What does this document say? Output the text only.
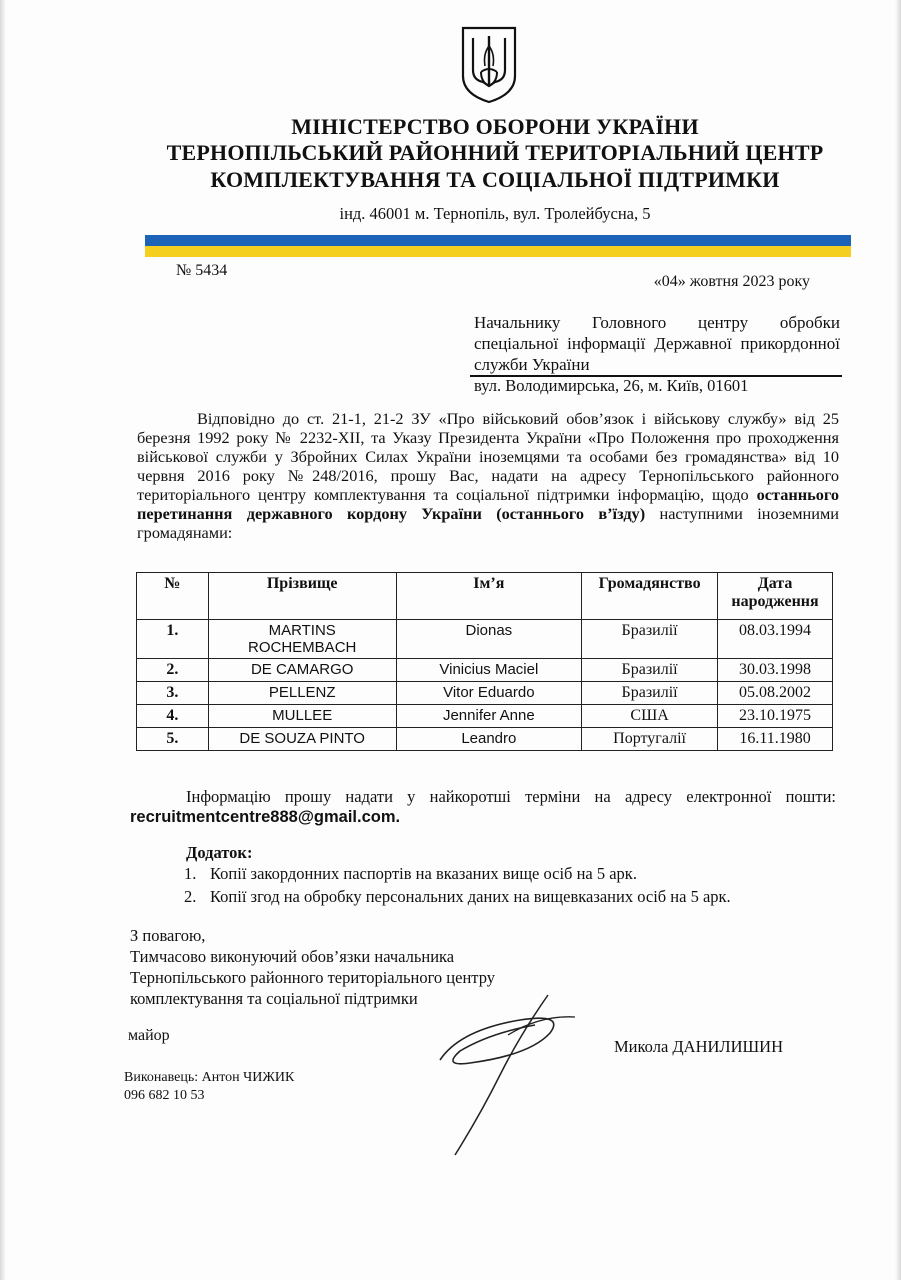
МІНІСТЕРСТВО ОБОРОНИ УКРАЇНИ
ТЕРНОПІЛЬСЬКИЙ РАЙОННИЙ ТЕРИТОРІАЛЬНИЙ ЦЕНТР
КОМПЛЕКТУВАННЯ ТА СОЦІАЛЬНОЇ ПІДТРИМКИ
інд. 46001 м. Тернопіль, вул. Тролейбусна, 5
№ 5434
«04» жовтня 2023 року
Начальнику Головного центру обробки спеціальної інформації Державної прикордонної служби України
вул. Володимирська, 26, м. Київ, 01601

Відповідно до ст. 21-1, 21-2 ЗУ «Про військовий обов’язок і військову службу» від 25 березня 1992 року № 2232-XII, та Указу Президента України «Про Положення про проходження військової служби у Збройних Силах України іноземцями та особами без громадянства» від 10 червня 2016 року №248/2016, прошу Вас, надати на адресу Тернопільського районного територіального центру комплектування та соціальної підтримки інформацію, щодо останнього перетинання державного кордону України (останнього в’їзду) наступними іноземними громадянами:

№	Прізвище	Ім’я	Громадянство	Дата народження
1.	MARTINS ROCHEMBACH	Dionas	Бразилії	08.03.1994
2.	DE CAMARGO	Vinicius Maciel	Бразилії	30.03.1998
3.	PELLENZ	Vitor Eduardo	Бразилії	05.08.2002
4.	MULLEE	Jennifer Anne	США	23.10.1975
5.	DE SOUZA PINTO	Leandro	Португалії	16.11.1980

Інформацію прошу надати у найкоротші терміни на адресу електронної пошти: recruitmentcentre888@gmail.com.

Додаток:
1. Копії закордонних паспортів на вказаних вище осіб на 5 арк.
2. Копії згод на обробку персональних даних на вищевказаних осіб на 5 арк.
З повагою,
Тимчасово виконуючий обов’язки начальника
Тернопільського районного територіального центру
комплектування та соціальної підтримки
майор
Микола ДАНИЛИШИН
Виконавець: Антон ЧИЖИК
096 682 10 53
